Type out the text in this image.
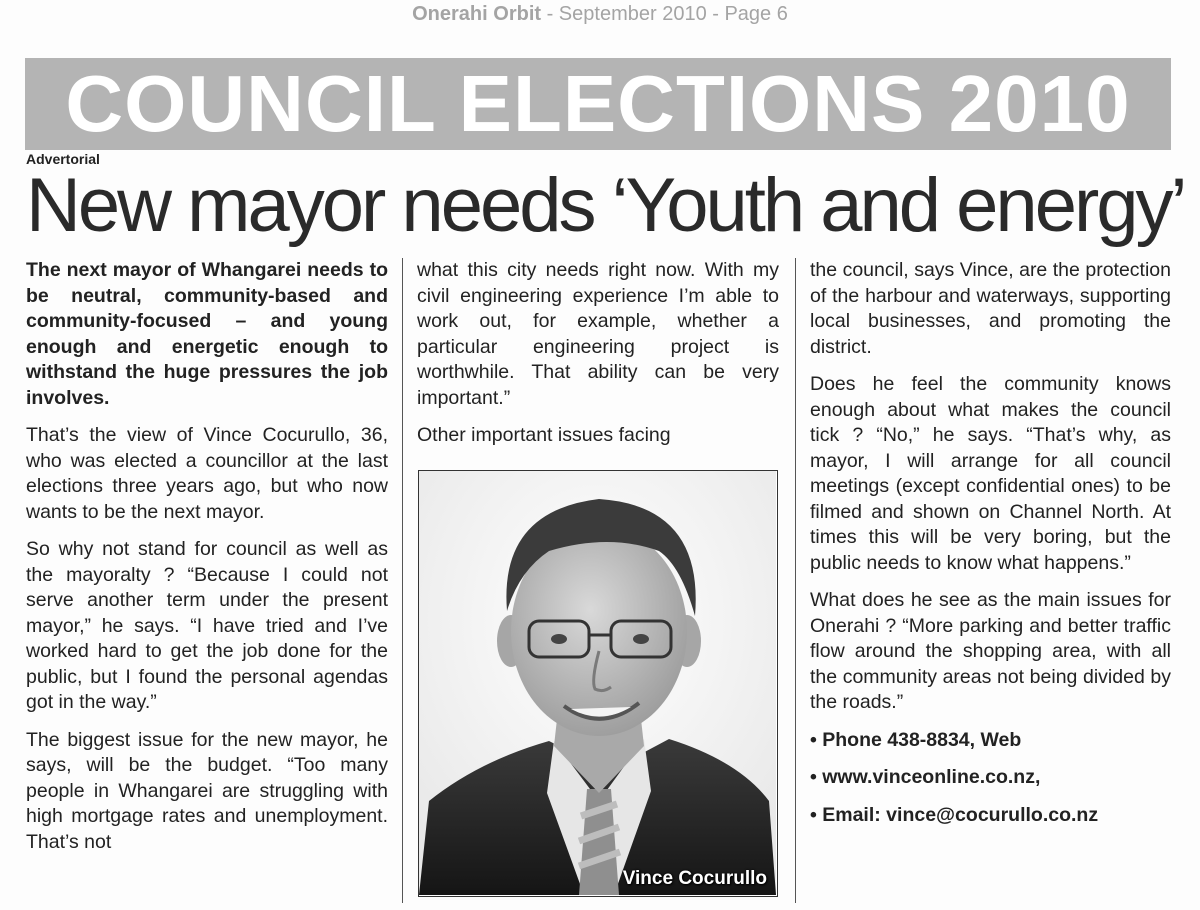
Onerahi Orbit - September 2010 - Page 6
COUNCIL ELECTIONS 2010
Advertorial
New mayor needs ‘Youth and energy’

The next mayor of Whangarei needs to be neutral, community-based and community-focused – and young enough and energetic enough to withstand the huge pressures the job involves.

That’s the view of Vince Cocurullo, 36, who was elected a councillor at the last elections three years ago, but who now wants to be the next mayor.

So why not stand for council as well as the mayoralty ? “Because I could not serve another term under the present mayor,” he says. “I have tried and I’ve worked hard to get the job done for the public, but I found the personal agendas got in the way.”

The biggest issue for the new mayor, he says, will be the budget. “Too many people in Whangarei are struggling with high mortgage rates and unemployment. That’s not

what this city needs right now. With my civil engineering experience I’m able to work out, for example, whether a particular engineering project is worthwhile. That ability can be very important.”

Other important issues facing

Vince Cocurullo

the council, says Vince, are the protection of the harbour and waterways, supporting local businesses, and promoting the district.

Does he feel the community knows enough about what makes the council tick ? “No,” he says. “That’s why, as mayor, I will arrange for all council meetings (except confidential ones) to be filmed and shown on Channel North. At times this will be very boring, but the public needs to know what happens.”

What does he see as the main issues for Onerahi ? “More parking and better traffic flow around the shopping area, with all the community areas not being divided by the roads.”

• Phone 438-8834, Web

• www.vinceonline.co.nz,

• Email: vince@cocurullo.co.nz
